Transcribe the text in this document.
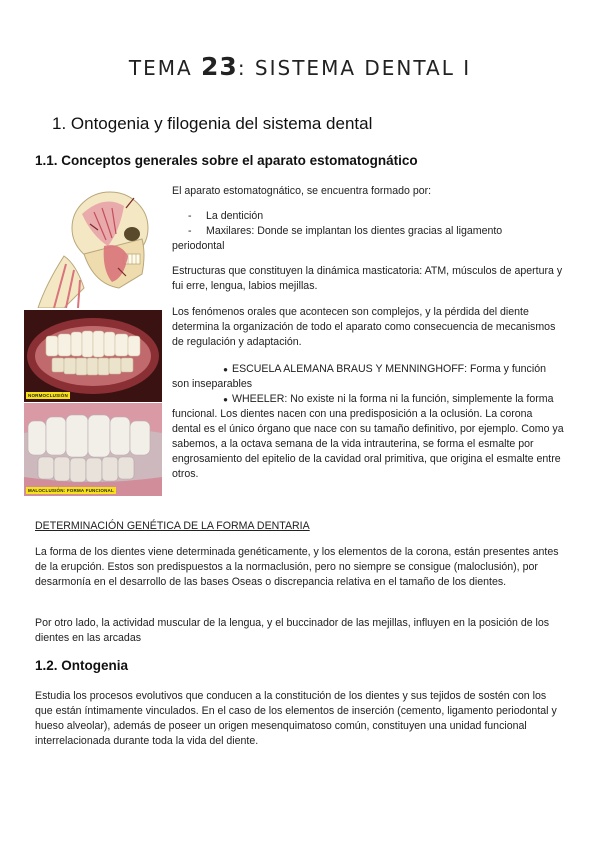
TEMA 23: SISTEMA DENTAL I
1. Ontogenia y filogenia del sistema dental
1.1. Conceptos generales sobre el aparato estomatognático
NORMOCLUSIÓN
MALOCLUSIÓN: FORMA FUNCIONAL
El aparato estomatognático, se encuentra formado por:
-	La dentición
-	Maxilares: Donde se implantan los dientes gracias al ligamento
periodontal
Estructuras que constituyen la dinámica masticatoria: ATM, músculos de apertura y fui erre, lengua, labios mejillas.
Los fenómenos orales que acontecen son complejos, y la pérdida del diente determina la organización de todo el aparato como consecuencia de mecanismos de regulación y adaptación.
● ESCUELA ALEMANA BRAUS Y MENNINGHOFF: Forma y función son inseparables
● WHEELER: No existe ni la forma ni la función, simplemente la forma funcional. Los dientes nacen con una predisposición a la oclusión. La corona dental es el único órgano que nace con su tamaño definitivo, por ejemplo. Como ya sabemos, a la octava semana de la vida intrauterina, se forma el esmalte por engrosamiento del epitelio de la cavidad oral primitiva, que origina el esmalte entre otros.
DETERMINACIÓN GENÉTICA DE LA FORMA DENTARIA
La forma de los dientes viene determinada genéticamente, y los elementos de la corona, están presentes antes de la erupción. Estos son predispuestos a la normaclusión, pero no siempre se consigue (maloclusión), por desarmonía en el desarrollo de las bases Oseas o discrepancia relativa en el tamaño de los dientes.
Por otro lado, la actividad muscular de la lengua, y el buccinador de las mejillas, influyen en la posición de los dientes en las arcadas
1.2. Ontogenia
Estudia los procesos evolutivos que conducen a la constitución de los dientes y sus tejidos de sostén con los que están íntimamente vinculados. En el caso de los elementos de inserción (cemento, ligamento periodontal y hueso alveolar), además de poseer un origen mesenquimatoso común, constituyen una unidad funcional interrelacionada durante toda la vida del diente.
